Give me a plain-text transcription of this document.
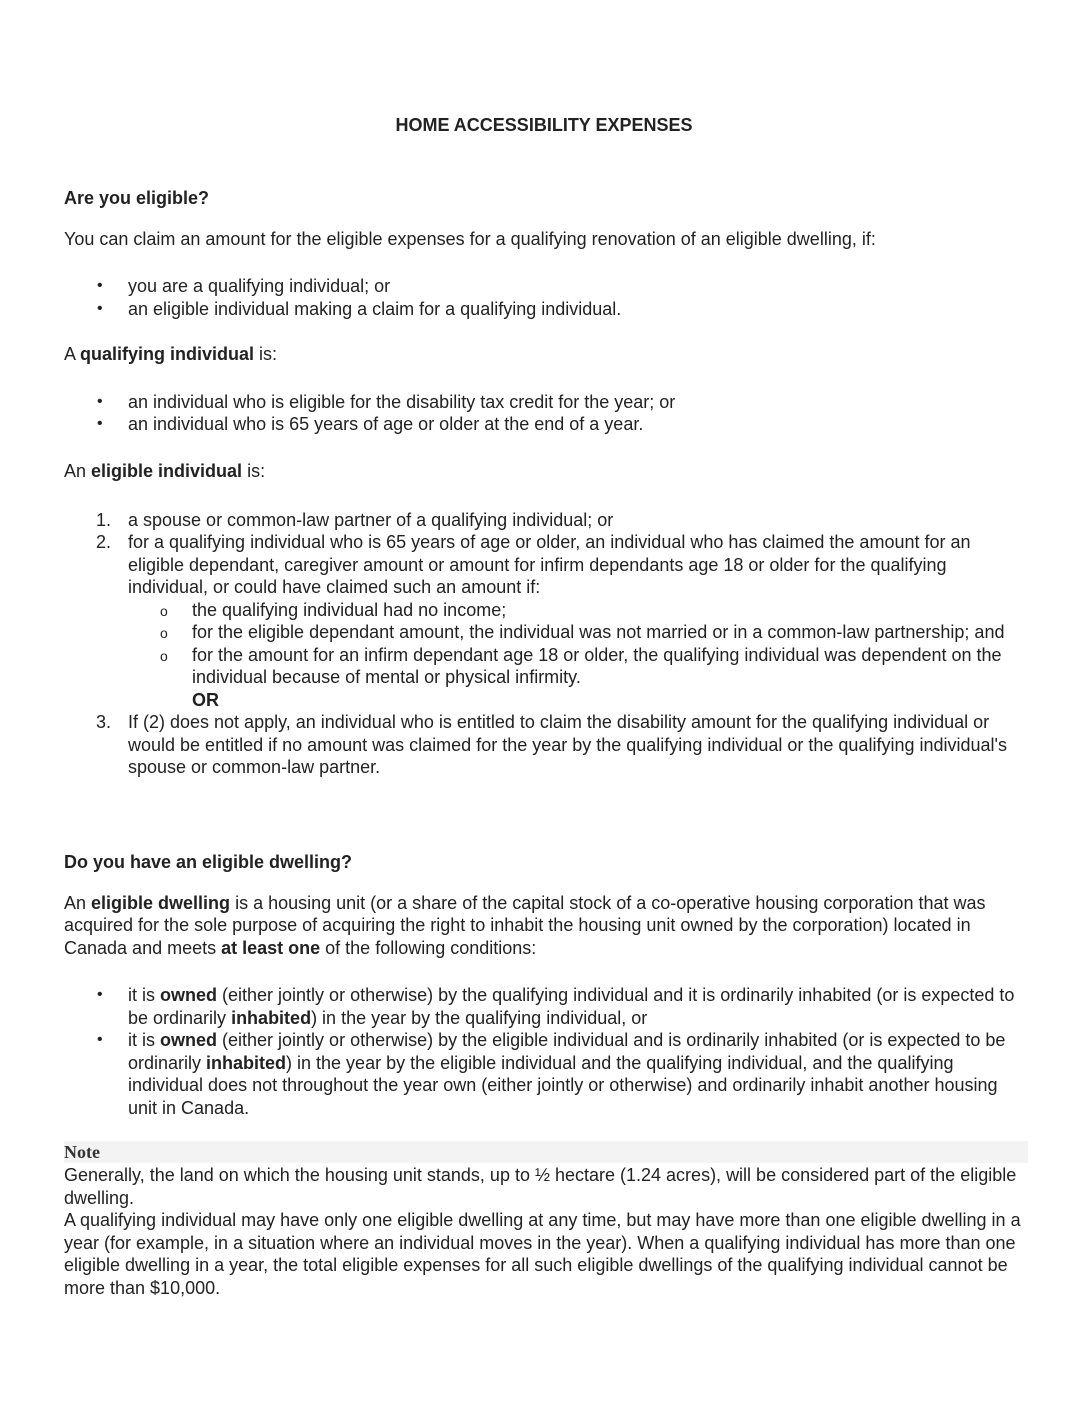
HOME ACCESSIBILITY EXPENSES
Are you eligible?
You can claim an amount for the eligible expenses for a qualifying renovation of an eligible dwelling, if:
• you are a qualifying individual; or
• an eligible individual making a claim for a qualifying individual.
A qualifying individual is:
• an individual who is eligible for the disability tax credit for the year; or
• an individual who is 65 years of age or older at the end of a year.
An eligible individual is:
1. a spouse or common-law partner of a qualifying individual; or
2. for a qualifying individual who is 65 years of age or older, an individual who has claimed the amount for an eligible dependant, caregiver amount or amount for infirm dependants age 18 or older for the qualifying individual, or could have claimed such an amount if:
o the qualifying individual had no income;
o for the eligible dependant amount, the individual was not married or in a common-law partnership; and
o for the amount for an infirm dependant age 18 or older, the qualifying individual was dependent on the individual because of mental or physical infirmity.
OR
3. If (2) does not apply, an individual who is entitled to claim the disability amount for the qualifying individual or would be entitled if no amount was claimed for the year by the qualifying individual or the qualifying individual's spouse or common-law partner.
Do you have an eligible dwelling?
An eligible dwelling is a housing unit (or a share of the capital stock of a co-operative housing corporation that was acquired for the sole purpose of acquiring the right to inhabit the housing unit owned by the corporation) located in Canada and meets at least one of the following conditions:
• it is owned (either jointly or otherwise) by the qualifying individual and it is ordinarily inhabited (or is expected to be ordinarily inhabited) in the year by the qualifying individual, or
• it is owned (either jointly or otherwise) by the eligible individual and is ordinarily inhabited (or is expected to be ordinarily inhabited) in the year by the eligible individual and the qualifying individual, and the qualifying individual does not throughout the year own (either jointly or otherwise) and ordinarily inhabit another housing unit in Canada.
Note
Generally, the land on which the housing unit stands, up to ½ hectare (1.24 acres), will be considered part of the eligible dwelling.
A qualifying individual may have only one eligible dwelling at any time, but may have more than one eligible dwelling in a year (for example, in a situation where an individual moves in the year). When a qualifying individual has more than one eligible dwelling in a year, the total eligible expenses for all such eligible dwellings of the qualifying individual cannot be more than $10,000.
